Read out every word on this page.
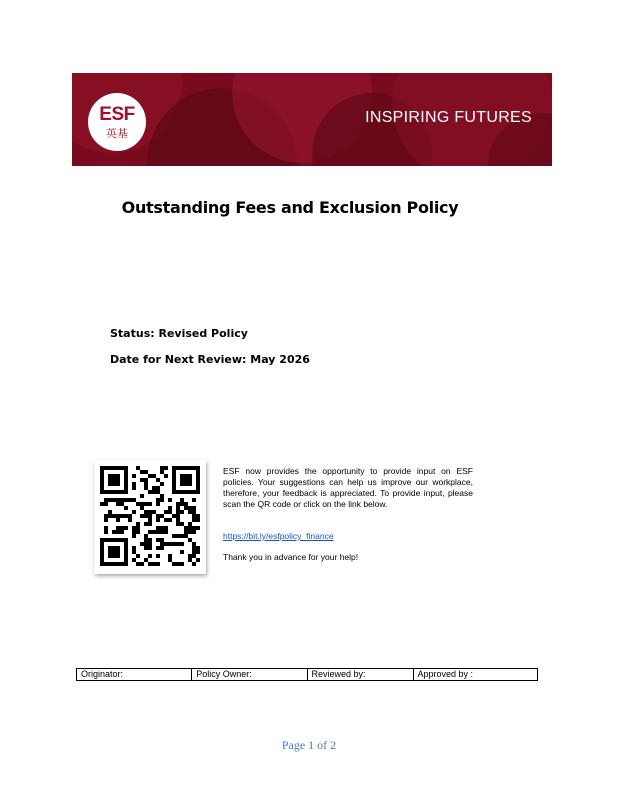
ESF
英基
INSPIRING FUTURES
Outstanding Fees and Exclusion Policy
Status: Revised Policy
Date for Next Review: May 2026
ESF now provides the opportunity to provide input on ESF policies. Your suggestions can help us improve our workplace, therefore, your feedback is appreciated. To provide input, please scan the QR code or click on the link below.
https://bit.ly/esfpolicy_finance
Thank you in advance for your help!
Originator:	Policy Owner:	Reviewed by:	Approved by :
Page 1 of 2
